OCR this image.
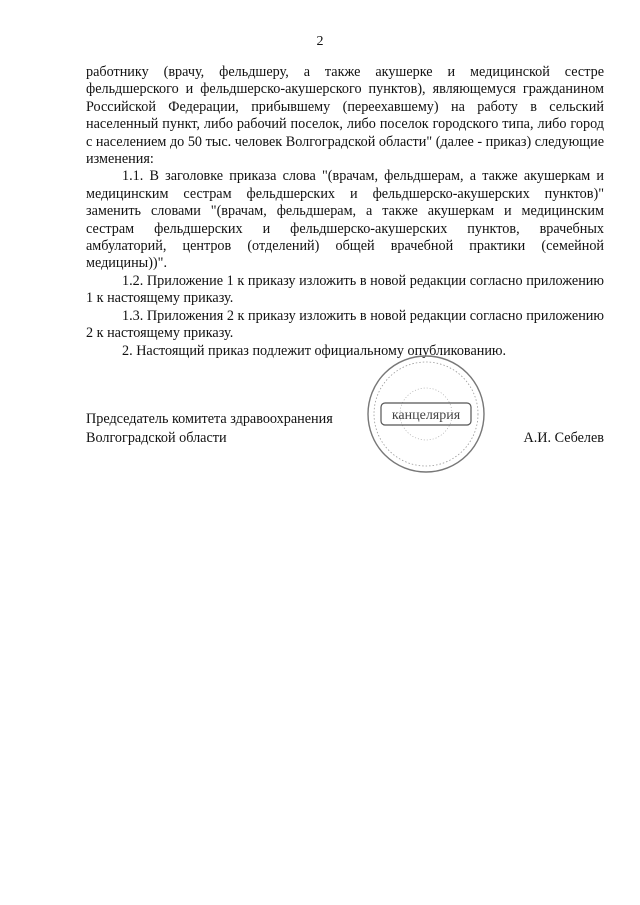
2

работнику (врачу, фельдшеру, а также акушерке и медицинской сестре фельдшерского и фельдшерско-акушерского пунктов), являющемуся гражданином Российской Федерации, прибывшему (переехавшему) на работу в сельский населенный пункт, либо рабочий поселок, либо поселок городского типа, либо город с населением до 50 тыс. человек Волгоградской области" (далее - приказ) следующие изменения:

1.1. В заголовке приказа слова "(врачам, фельдшерам, а также акушеркам и медицинским сестрам фельдшерских и фельдшерско-акушерских пунктов)" заменить словами "(врачам, фельдшерам, а также акушеркам и медицинским сестрам фельдшерских и фельдшерско-акушерских пунктов, врачебных амбулаторий, центров (отделений) общей врачебной практики (семейной медицины))".

1.2. Приложение 1 к приказу изложить в новой редакции согласно приложению 1 к настоящему приказу.

1.3. Приложения 2 к приказу изложить в новой редакции согласно приложению 2 к настоящему приказу.

2. Настоящий приказ подлежит официальному опубликованию.

Председатель комитета здравоохранения
Волгоградской области	А.И. Себелев
канцелярия
